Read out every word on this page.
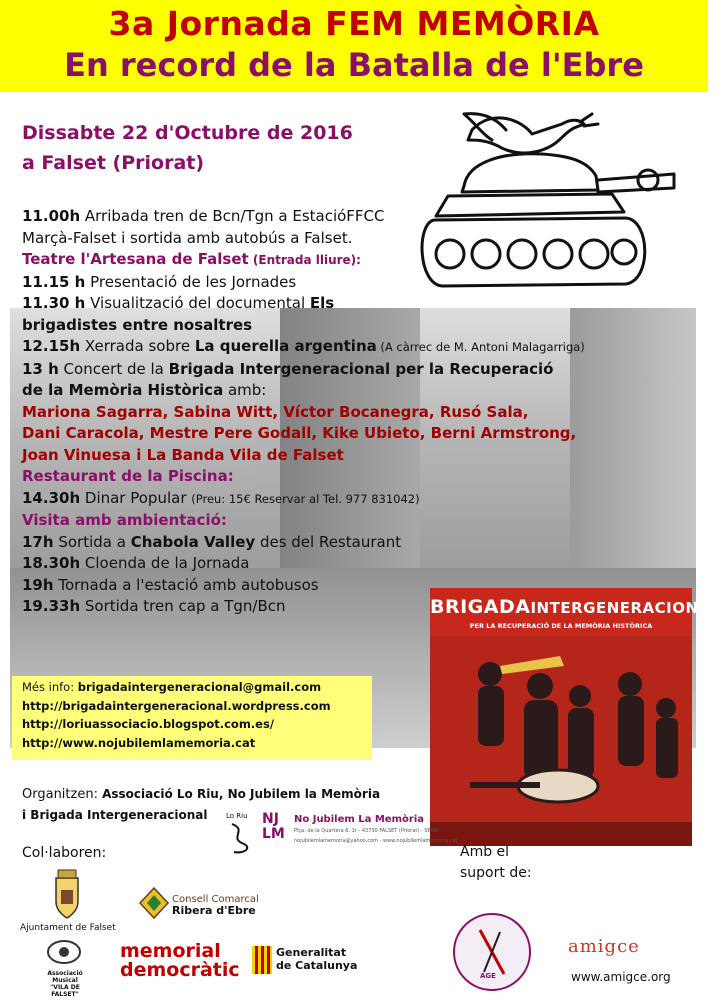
3a Jornada FEM MEMÒRIA
En record de la Batalla de l'Ebre
Dissabte 22 d'Octubre de 2016
a Falset (Priorat)
11.00h Arribada tren de Bcn/Tgn a EstacióFFCC
Marçà-Falset i sortida amb autobús a Falset.
Teatre l'Artesana de Falset (Entrada lliure):
11.15 h Presentació de les Jornades
11.30 h Visualització del documental Els
brigadistes entre nosaltres
12.15h Xerrada sobre La querella argentina (A càrrec de M. Antoni Malagarriga)
13 h Concert de la Brigada Intergeneracional per la Recuperació
de la Memòria Històrica amb:
Mariona Sagarra, Sabina Witt, Víctor Bocanegra, Rusó Sala,
Dani Caracola, Mestre Pere Godall, Kike Ubieto, Berni Armstrong,
Joan Vinuesa i La Banda Vila de Falset
Restaurant de la Piscina:
14.30h Dinar Popular (Preu: 15€ Reservar al Tel. 977 831042)
Visita amb ambientació:
17h Sortida a Chabola Valley des del Restaurant
18.30h Cloenda de la Jornada
19h Tornada a l'estació amb autobusos
19.33h Sortida tren cap a Tgn/Bcn
Més info: brigadaintergeneracional@gmail.com
http://brigadaintergeneracional.wordpress.com
http://loriuassociacio.blogspot.com.es/
http://www.nojubilemlamemoria.cat
BRIGADAINTERGENERACIONAL
PER LA RECUPERACIÓ DE LA MEMÒRIA HISTÒRICA
Organitzen: Associació Lo Riu, No Jubilem la Memòria
i Brigada Intergeneracional	Lo Riu NJ
LM
No Jubilem La Memòria
Plça. de la Quartera 6, 1r - 43730 FALSET (Priorat) - SPAIN
nojubilemlamemoria@yahoo.com - www.nojubilemlamemoria.cat
Col·laboren:	Amb el
suport de:
Ajuntament de Falset
Consell Comarcal
Ribera d'Ebre
Associació Musical
"VILA DE FALSET"
memorial
democràtic
Generalitat
de Catalunya
AGE
amigce
www.amigce.org
